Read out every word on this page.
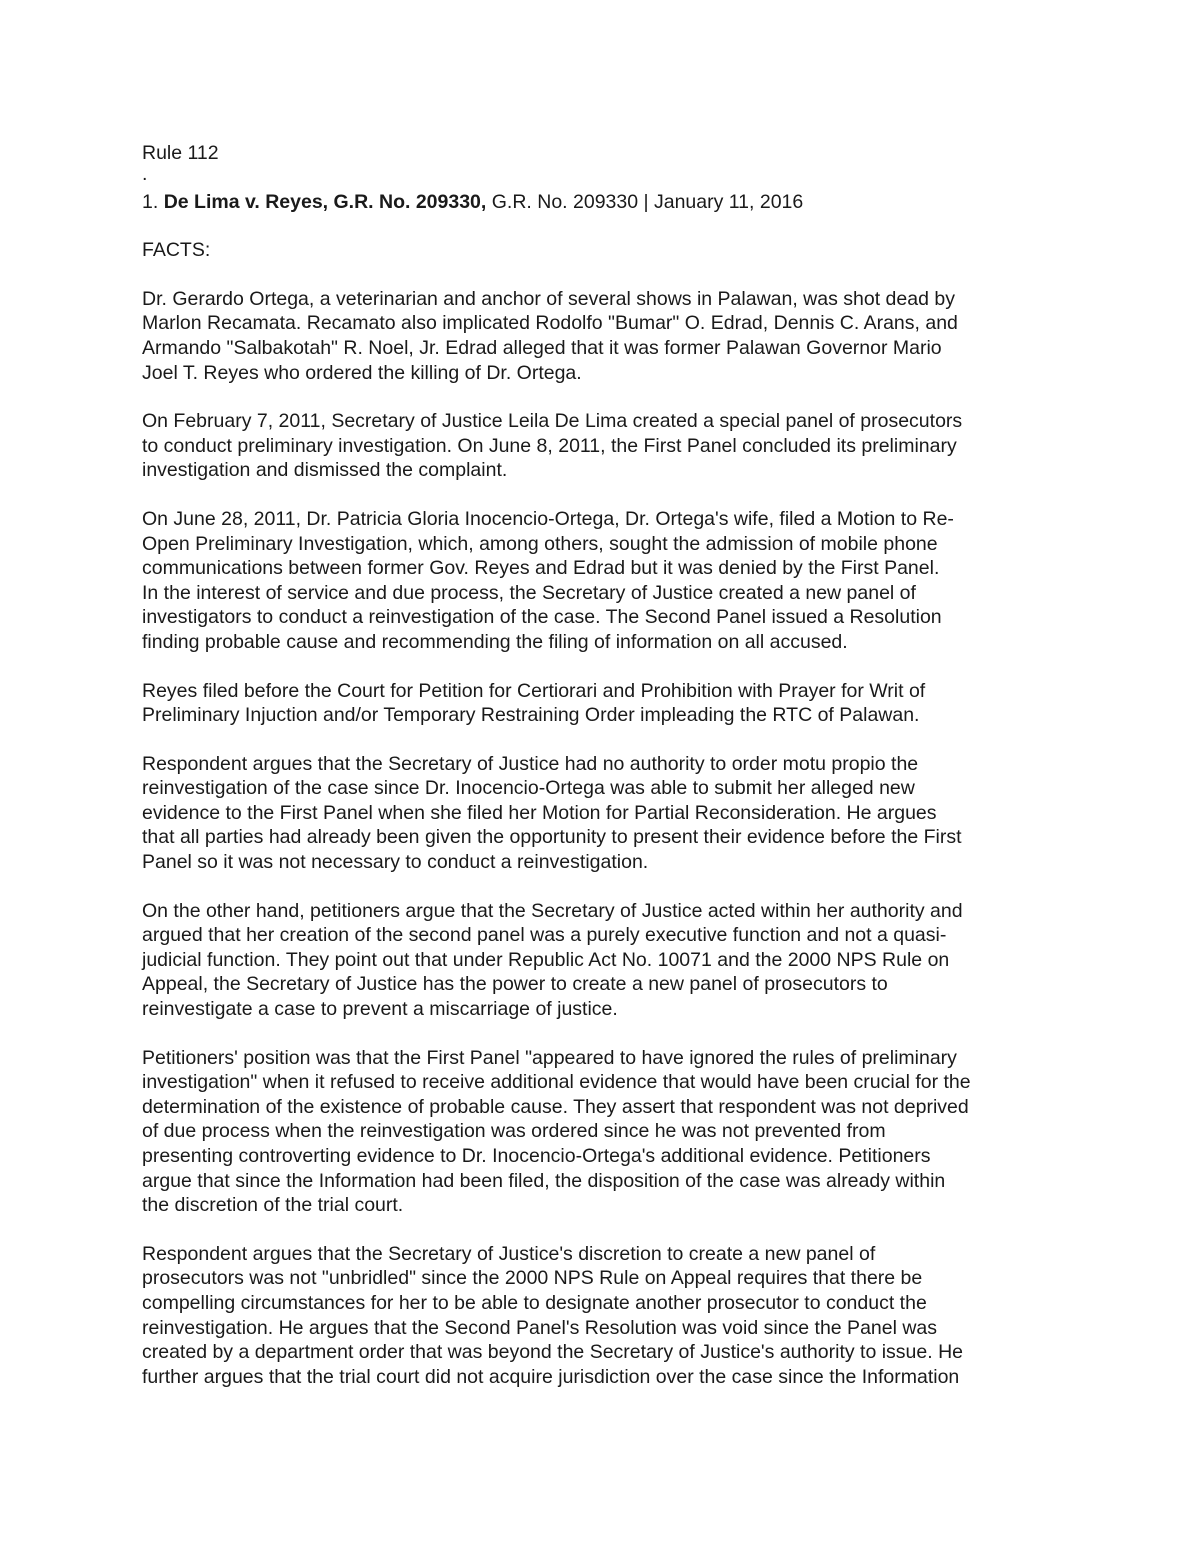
Rule 112

.

1. De Lima v. Reyes, G.R. No. 209330, G.R. No. 209330 | January 11, 2016

FACTS:

Dr. Gerardo Ortega, a veterinarian and anchor of several shows in Palawan, was shot dead by
Marlon Recamata. Recamato also implicated Rodolfo "Bumar" O. Edrad, Dennis C. Arans, and
Armando "Salbakotah" R. Noel, Jr. Edrad alleged that it was former Palawan Governor Mario
Joel T. Reyes who ordered the killing of Dr. Ortega.

On February 7, 2011, Secretary of Justice Leila De Lima created a special panel of prosecutors
to conduct preliminary investigation. On June 8, 2011, the First Panel concluded its preliminary
investigation and dismissed the complaint.

On June 28, 2011, Dr. Patricia Gloria Inocencio-Ortega, Dr. Ortega's wife, filed a Motion to Re-
Open Preliminary Investigation, which, among others, sought the admission of mobile phone
communications between former Gov. Reyes and Edrad but it was denied by the First Panel.
In the interest of service and due process, the Secretary of Justice created a new panel of
investigators to conduct a reinvestigation of the case. The Second Panel issued a Resolution
finding probable cause and recommending the filing of information on all accused.

Reyes filed before the Court for Petition for Certiorari and Prohibition with Prayer for Writ of
Preliminary Injuction and/or Temporary Restraining Order impleading the RTC of Palawan.

Respondent argues that the Secretary of Justice had no authority to order motu propio the
reinvestigation of the case since Dr. Inocencio-Ortega was able to submit her alleged new
evidence to the First Panel when she filed her Motion for Partial Reconsideration. He argues
that all parties had already been given the opportunity to present their evidence before the First
Panel so it was not necessary to conduct a reinvestigation.

On the other hand, petitioners argue that the Secretary of Justice acted within her authority and
argued that her creation of the second panel was a purely executive function and not a quasi-
judicial function. They point out that under Republic Act No. 10071 and the 2000 NPS Rule on
Appeal, the Secretary of Justice has the power to create a new panel of prosecutors to
reinvestigate a case to prevent a miscarriage of justice.

Petitioners' position was that the First Panel "appeared to have ignored the rules of preliminary
investigation" when it refused to receive additional evidence that would have been crucial for the
determination of the existence of probable cause. They assert that respondent was not deprived
of due process when the reinvestigation was ordered since he was not prevented from
presenting controverting evidence to Dr. Inocencio-Ortega's additional evidence. Petitioners
argue that since the Information had been filed, the disposition of the case was already within
the discretion of the trial court.

Respondent argues that the Secretary of Justice's discretion to create a new panel of
prosecutors was not "unbridled" since the 2000 NPS Rule on Appeal requires that there be
compelling circumstances for her to be able to designate another prosecutor to conduct the
reinvestigation. He argues that the Second Panel's Resolution was void since the Panel was
created by a department order that was beyond the Secretary of Justice's authority to issue. He
further argues that the trial court did not acquire jurisdiction over the case since the Information
